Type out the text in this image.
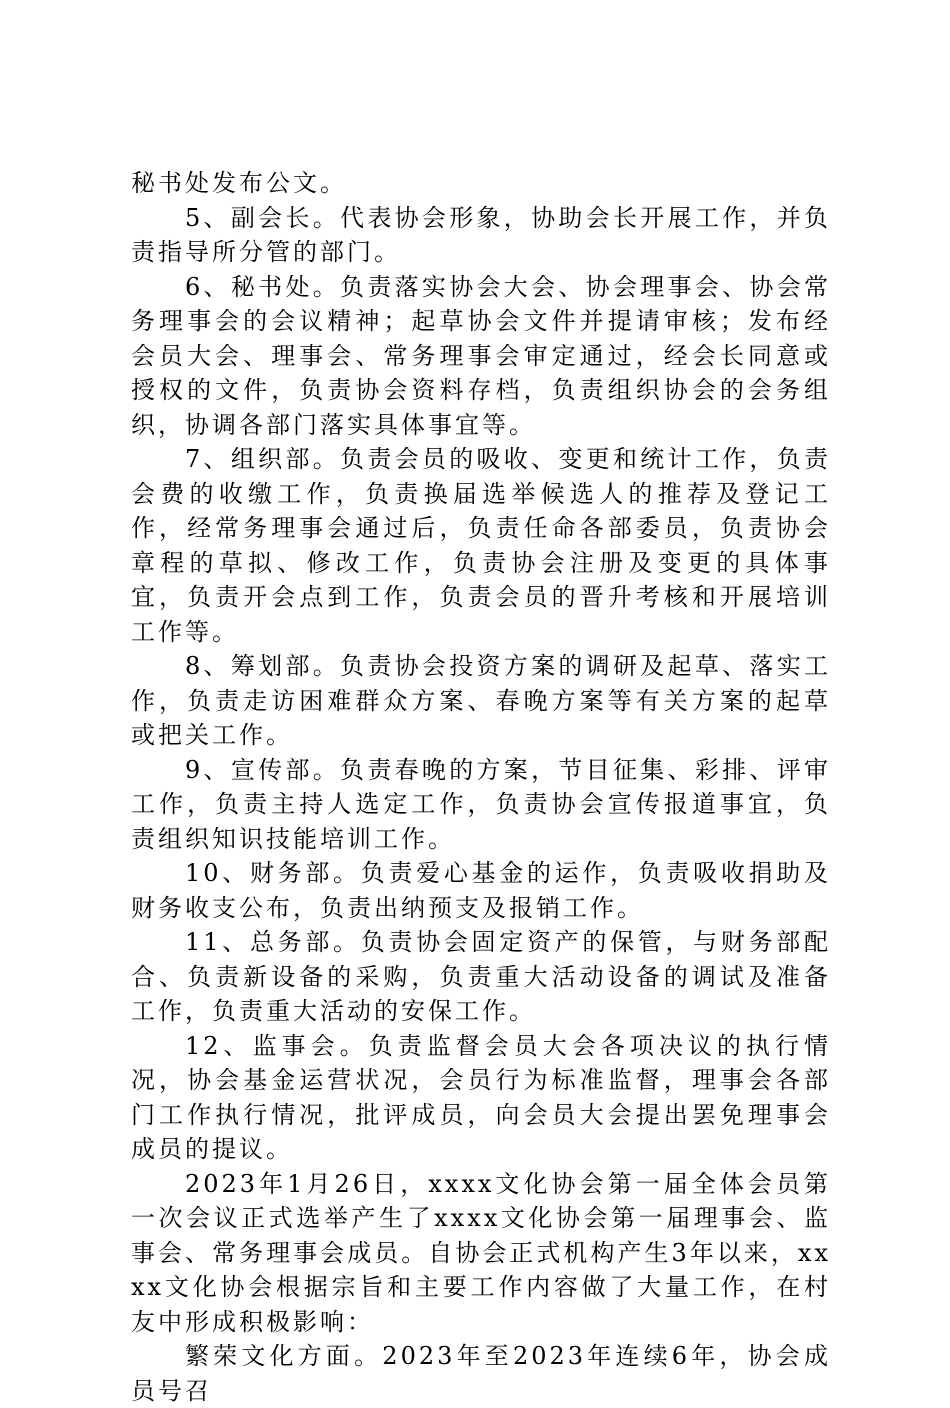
秘书处发布公文。

5、副会长。代表协会形象，协助会长开展工作，并负责指导所分管的部门。

6、秘书处。负责落实协会大会、协会理事会、协会常务理事会的会议精神；起草协会文件并提请审核；发布经会员大会、理事会、常务理事会审定通过，经会长同意或授权的文件，负责协会资料存档，负责组织协会的会务组织，协调各部门落实具体事宜等。

7、组织部。负责会员的吸收、变更和统计工作，负责会费的收缴工作，负责换届选举候选人的推荐及登记工作，经常务理事会通过后，负责任命各部委员，负责协会章程的草拟、修改工作，负责协会注册及变更的具体事宜，负责开会点到工作，负责会员的晋升考核和开展培训工作等。

8、筹划部。负责协会投资方案的调研及起草、落实工作，负责走访困难群众方案、春晚方案等有关方案的起草或把关工作。

9、宣传部。负责春晚的方案，节目征集、彩排、评审工作，负责主持人选定工作，负责协会宣传报道事宜，负责组织知识技能培训工作。

10、财务部。负责爱心基金的运作，负责吸收捐助及财务收支公布，负责出纳预支及报销工作。

11、总务部。负责协会固定资产的保管，与财务部配合、负责新设备的采购，负责重大活动设备的调试及准备工作，负责重大活动的安保工作。

12、监事会。负责监督会员大会各项决议的执行情况，协会基金运营状况，会员行为标准监督，理事会各部门工作执行情况，批评成员，向会员大会提出罢免理事会成员的提议。

2023年1月26日，xxxx文化协会第一届全体会员第一次会议正式选举产生了xxxx文化协会第一届理事会、监事会、常务理事会成员。自协会正式机构产生3年以来，xxxx文化协会根据宗旨和主要工作内容做了大量工作，在村友中形成积极影响：

繁荣文化方面。2023年至2023年连续6年，协会成员号召
